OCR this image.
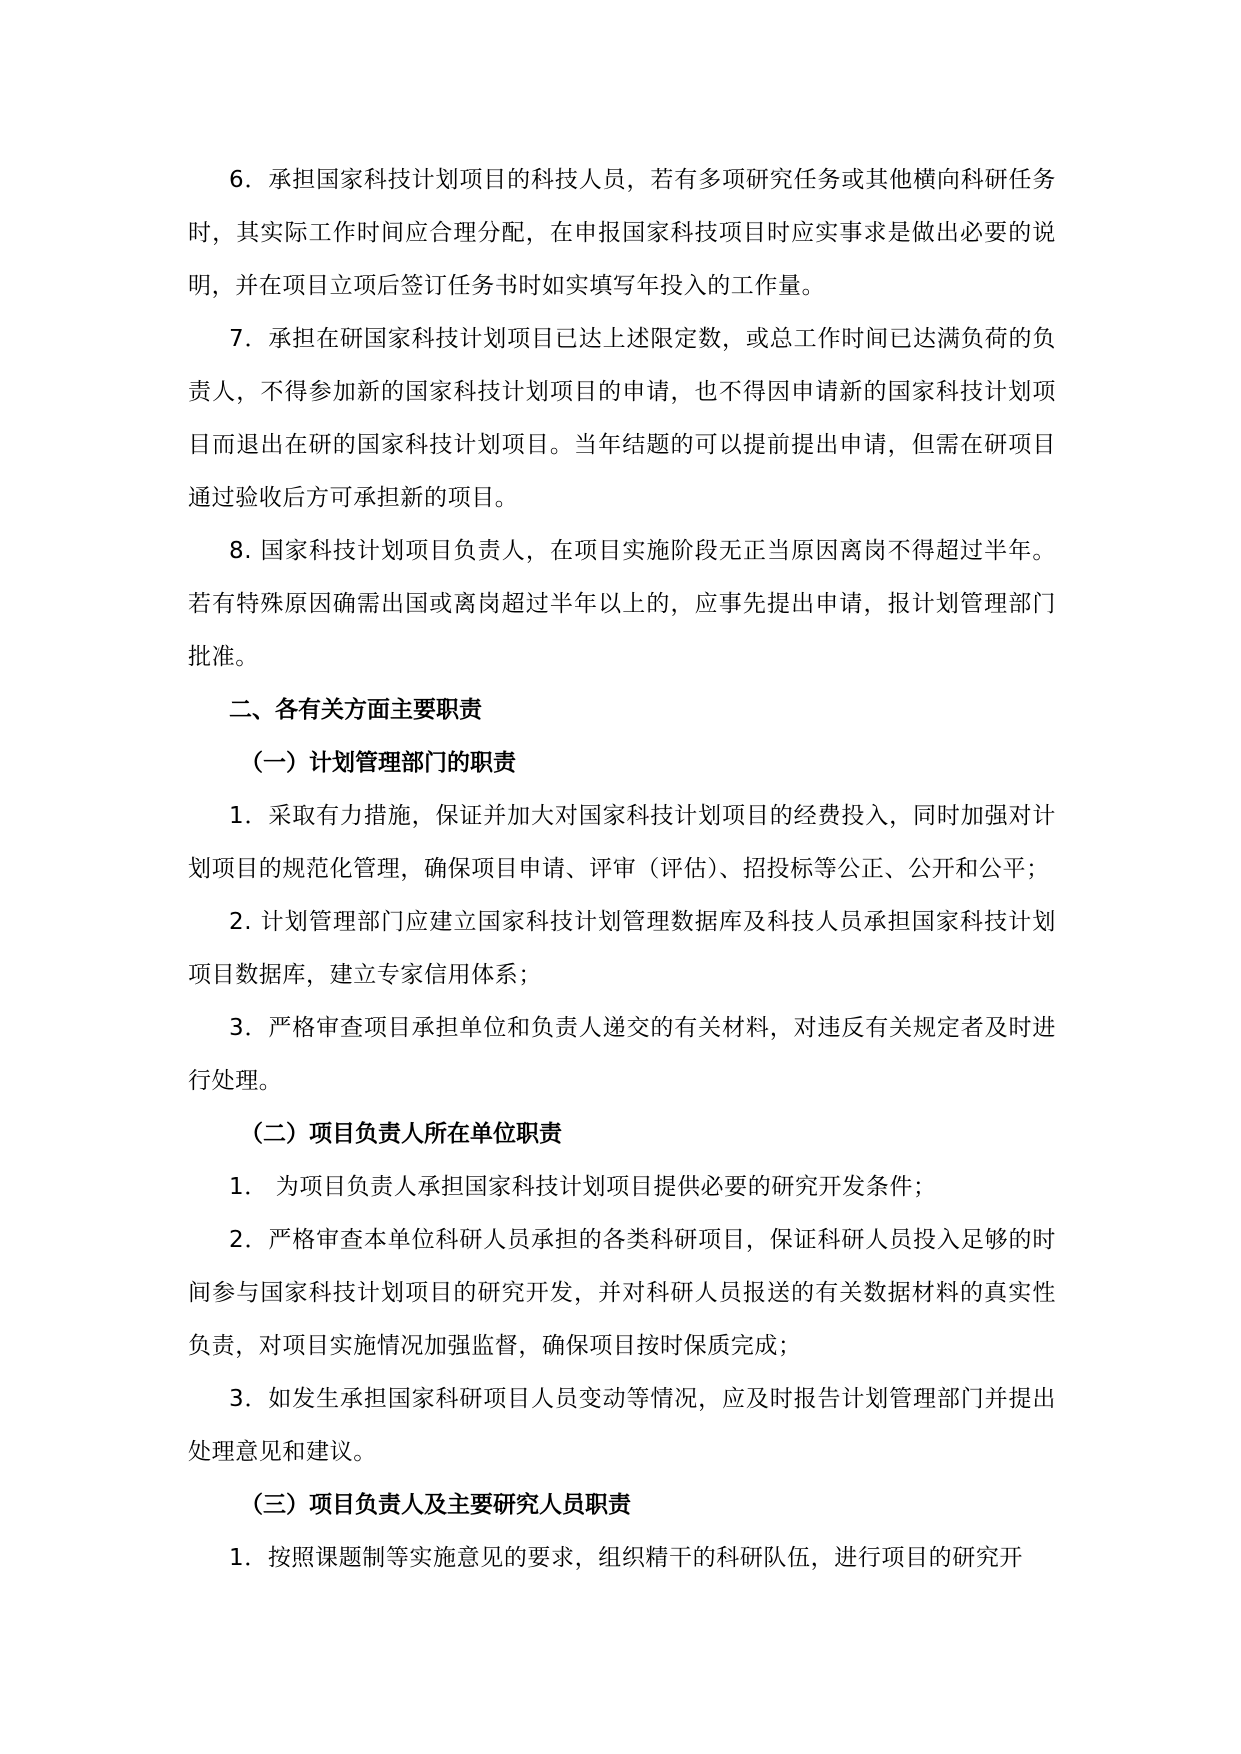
6．承担国家科技计划项目的科技人员，若有多项研究任务或其他横向科研任务时，其实际工作时间应合理分配，在申报国家科技项目时应实事求是做出必要的说明，并在项目立项后签订任务书时如实填写年投入的工作量。

7．承担在研国家科技计划项目已达上述限定数，或总工作时间已达满负荷的负责人，不得参加新的国家科技计划项目的申请，也不得因申请新的国家科技计划项目而退出在研的国家科技计划项目。当年结题的可以提前提出申请，但需在研项目通过验收后方可承担新的项目。

8. 国家科技计划项目负责人，在项目实施阶段无正当原因离岗不得超过半年。若有特殊原因确需出国或离岗超过半年以上的，应事先提出申请，报计划管理部门批准。

二、各有关方面主要职责

（一）计划管理部门的职责

1．采取有力措施，保证并加大对国家科技计划项目的经费投入，同时加强对计划项目的规范化管理，确保项目申请、评审（评估）、招投标等公正、公开和公平；

2. 计划管理部门应建立国家科技计划管理数据库及科技人员承担国家科技计划项目数据库，建立专家信用体系；

3．严格审查项目承担单位和负责人递交的有关材料，对违反有关规定者及时进行处理。

（二）项目负责人所在单位职责

1． 为项目负责人承担国家科技计划项目提供必要的研究开发条件；

2．严格审查本单位科研人员承担的各类科研项目，保证科研人员投入足够的时间参与国家科技计划项目的研究开发，并对科研人员报送的有关数据材料的真实性负责，对项目实施情况加强监督，确保项目按时保质完成；

3．如发生承担国家科研项目人员变动等情况，应及时报告计划管理部门并提出处理意见和建议。

（三）项目负责人及主要研究人员职责

1．按照课题制等实施意见的要求，组织精干的科研队伍，进行项目的研究开
